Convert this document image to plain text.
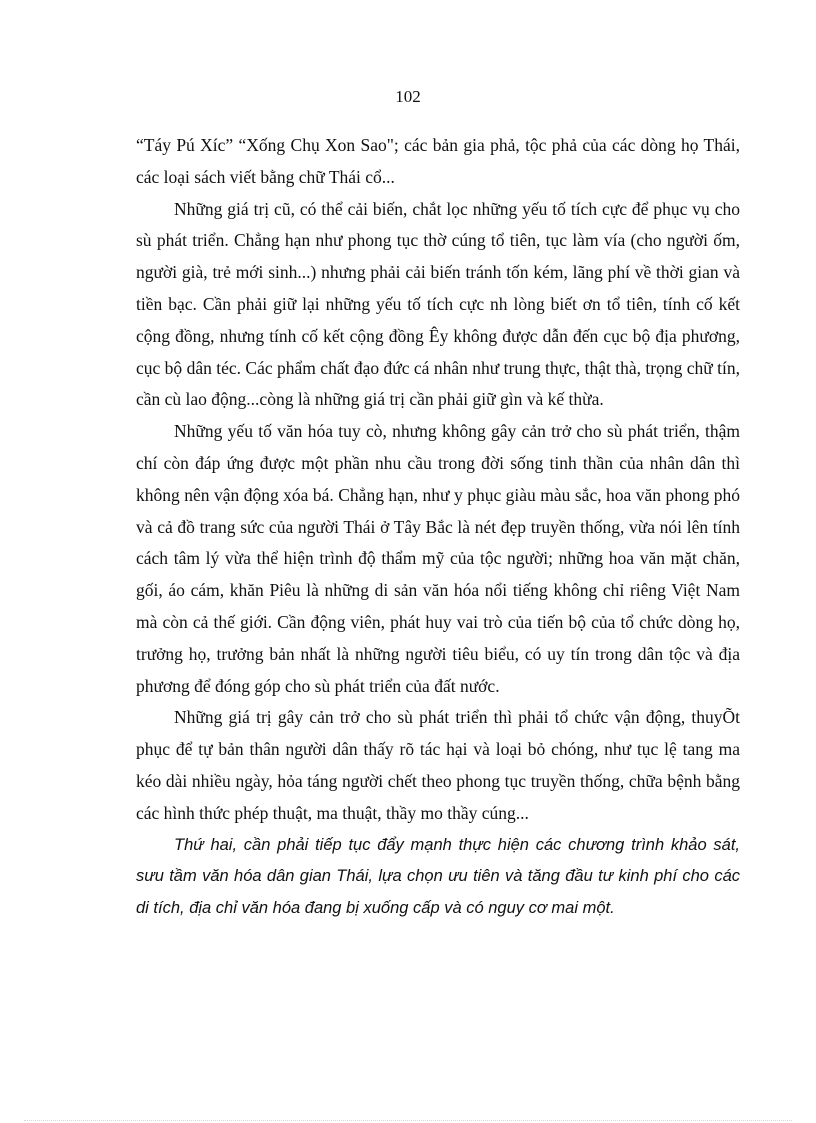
102

“Táy Pú Xíc” “Xống Chụ Xon Sao"; các bản gia phả, tộc phả của các dòng họ Thái, các loại sách viết bằng chữ Thái cổ...

Những giá trị cũ, có thể cải biến, chắt lọc những yếu tố tích cực để phục vụ cho sù phát triển. Chẳng hạn như phong tục thờ cúng tổ tiên, tục làm vía (cho người ốm, người già, trẻ mới sinh...) nhưng phải cải biến tránh tốn kém, lãng phí về thời gian và tiền bạc. Cần phải giữ lại những yếu tố tích cực nh lòng biết ơn tổ tiên, tính cố kết cộng đồng, nhưng tính cố kết cộng đồng Êy không được dẫn đến cục bộ địa phương, cục bộ dân téc. Các phẩm chất đạo đức cá nhân như trung thực, thật thà, trọng chữ tín, cần cù lao động...còng là những giá trị cần phải giữ gìn và kế thừa.

Những yếu tố văn hóa tuy cò, nhưng không gây cản trở cho sù phát triển, thậm chí còn đáp ứng được một phần nhu cầu trong đời sống tinh thần của nhân dân thì không nên vận động xóa bá. Chẳng hạn, như y phục giàu màu sắc, hoa văn phong phó và cả đồ trang sức của người Thái ở Tây Bắc là nét đẹp truyền thống, vừa nói lên tính cách tâm lý vừa thể hiện trình độ thẩm mỹ của tộc người; những hoa văn mặt chăn, gối, áo cám, khăn Piêu là những di sản văn hóa nổi tiếng không chỉ riêng Việt Nam mà còn cả thế giới. Cần động viên, phát huy vai trò của tiến bộ của tổ chức dòng họ, trưởng họ, trưởng bản nhất là những người tiêu biểu, có uy tín trong dân tộc và địa phương để đóng góp cho sù phát triển của đất nước.

Những giá trị gây cản trở cho sù phát triển thì phải tổ chức vận động, thuyÕt phục để tự bản thân người dân thấy rõ tác hại và loại bỏ chóng, như tục lệ tang ma kéo dài nhiều ngày, hỏa táng người chết theo phong tục truyền thống, chữa bệnh bằng các hình thức phép thuật, ma thuật, thầy mo thầy cúng...

Thứ hai, cần phải tiếp tục đẩy mạnh thực hiện các chương trình khảo sát, sưu tầm văn hóa dân gian Thái, lựa chọn ưu tiên và tăng đầu tư kinh phí cho các di tích, địa chỉ văn hóa đang bị xuống cấp và có nguy cơ mai một.
